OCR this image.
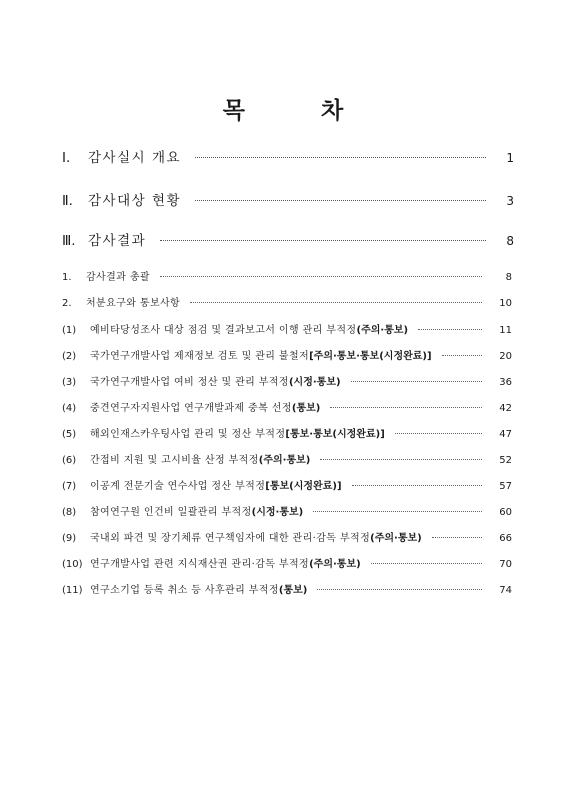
목	차
Ⅰ.	감사실시 개요	1
Ⅱ.	감사대상 현황	3
Ⅲ. 감사결과	8
1.	감사결과 총괄	8
2.	처분요구와 통보사항	10
(1)	예비타당성조사 대상 점검 및 결과보고서 이행 관리 부적정 (주의·통보)	11
(2)	국가연구개발사업 제재정보 검토 및 관리 불철저 [주의·통보·통보(시정완료)]	20
(3)	국가연구개발사업 여비 정산 및 관리 부적정 (시정·통보)	36
(4)	중견연구자지원사업 연구개발과제 중복 선정 (통보)	42
(5)	해외인재스카우팅사업 관리 및 정산 부적정 [통보·통보(시정완료)]	47
(6)	간접비 지원 및 고시비율 산정 부적정 (주의·통보)	52
(7)	이공계 전문기술 연수사업 정산 부적정 [통보(시정완료)]	57
(8)	참여연구원 인건비 일괄관리 부적정 (시정·통보)	60
(9)	국내외 파견 및 장기체류 연구책임자에 대한 관리·감독 부적정 (주의·통보)	66
(10) 연구개발사업 관련 지식재산권 관리·감독 부적정 (주의·통보)	70
(11) 연구소기업 등록 취소 등 사후관리 부적정 (통보)	74
